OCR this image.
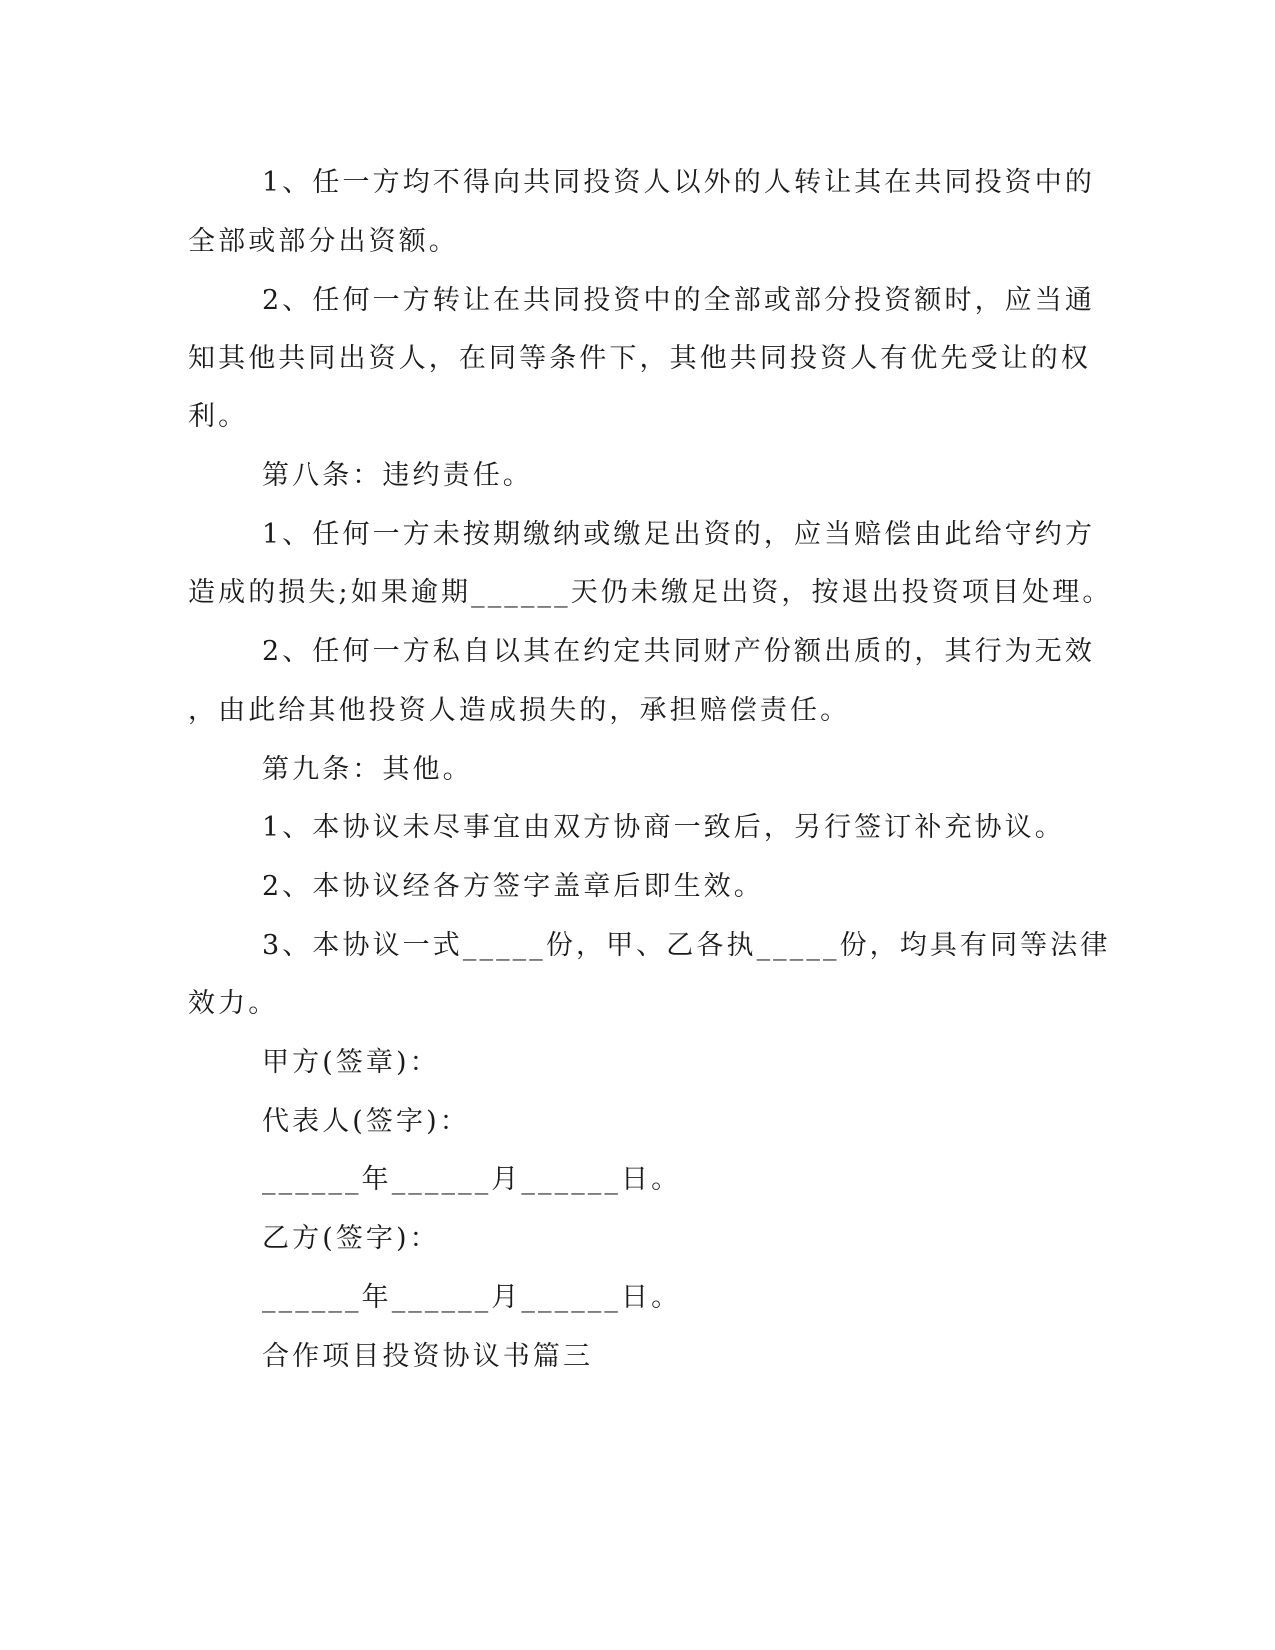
1、任一方均不得向共同投资人以外的人转让其在共同投资中的
全部或部分出资额。
2、任何一方转让在共同投资中的全部或部分投资额时，应当通
知其他共同出资人，在同等条件下，其他共同投资人有优先受让的权
利。
第八条：违约责任。
1、任何一方未按期缴纳或缴足出资的，应当赔偿由此给守约方
造成的损失;如果逾期______天仍未缴足出资，按退出投资项目处理。
2、任何一方私自以其在约定共同财产份额出质的，其行为无效
，由此给其他投资人造成损失的，承担赔偿责任。
第九条：其他。
1、本协议未尽事宜由双方协商一致后，另行签订补充协议。
2、本协议经各方签字盖章后即生效。
3、本协议一式_____份，甲、乙各执_____份，均具有同等法律
效力。
甲方(签章)：
代表人(签字)：
______年______月______日。
乙方(签字)：
______年______月______日。
合作项目投资协议书篇三
